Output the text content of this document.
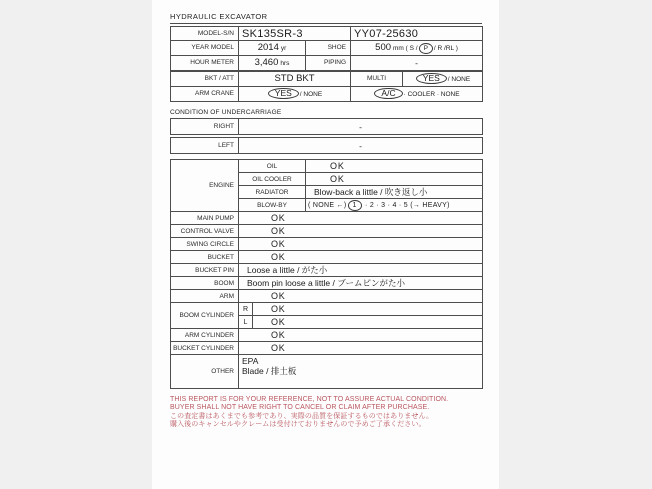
HYDRAULIC EXCAVATOR
MODEL-S/N	SK135SR-3		YY07-25630
YEAR MODEL	2014 yr	SHOE	500 mm ( S / P / R /RL )
HOUR METER	3,460 hrs	PIPING	-
BKT / ATT	STD BKT	MULTI	YES / NONE
ARM CRANE	YES / NONE	A/C · COOLER · NONE	
CONDITION OF UNDERCARRIAGE
RIGHT	-
LEFT	-
ENGINE	OIL		OK
	OIL COOLER		OK
	RADIATOR		Blow-back a little / 吹き返し小
	BLOW-BY		( NONE ←) 1 · 2 · 3 · 4 · 5 (→ HEAVY)
MAIN PUMP	OK		
CONTROL VALVE	OK		
SWING CIRCLE	OK		
BUCKET	OK		
BUCKET PIN	Loose a little / がた小		
BOOM	Boom pin loose a little / ブームピンがた小		
ARM	OK		
BOOM CYLINDER	R	OK	
	L	OK	
ARM CYLINDER	OK		
BUCKET CYLINDER	OK		
OTHER	EPA
Blade / 排土板		
THIS REPORT IS FOR YOUR REFERENCE, NOT TO ASSURE ACTUAL CONDITION.
BUYER SHALL NOT HAVE RIGHT TO CANCEL OR CLAIM AFTER PURCHASE.
この査定書はあくまでも参考であり、実際の品質を保証するものではありません。
購入後のキャンセルやクレームは受付けておりませんので予めご了承ください。
